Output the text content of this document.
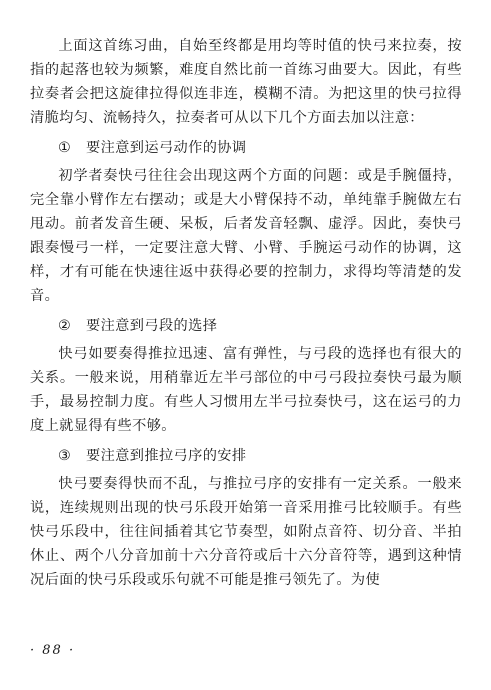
上面这首练习曲，自始至终都是用均等时值的快弓来拉奏，按指的起落也较为频繁，难度自然比前一首练习曲要大。因此，有些拉奏者会把这旋律拉得似连非连，模糊不清。为把这里的快弓拉得清脆均匀、流畅持久，拉奏者可从以下几个方面去加以注意：

① 要注意到运弓动作的协调

初学者奏快弓往往会出现这两个方面的问题：或是手腕僵持，完全靠小臂作左右摆动；或是大小臂保持不动，单纯靠手腕做左右甩动。前者发音生硬、呆板，后者发音轻飘、虚浮。因此，奏快弓跟奏慢弓一样，一定要注意大臂、小臂、手腕运弓动作的协调，这样，才有可能在快速往返中获得必要的控制力，求得均等清楚的发音。

② 要注意到弓段的选择

快弓如要奏得推拉迅速、富有弹性，与弓段的选择也有很大的关系。一般来说，用稍靠近左半弓部位的中弓弓段拉奏快弓最为顺手，最易控制力度。有些人习惯用左半弓拉奏快弓，这在运弓的力度上就显得有些不够。

③ 要注意到推拉弓序的安排

快弓要奏得快而不乱，与推拉弓序的安排有一定关系。一般来说，连续规则出现的快弓乐段开始第一音采用推弓比较顺手。有些快弓乐段中，往往间插着其它节奏型，如附点音符、切分音、半拍休止、两个八分音加前十六分音符或后十六分音符等，遇到这种情况后面的快弓乐段或乐句就不可能是推弓领先了。为使

· 88 ·
